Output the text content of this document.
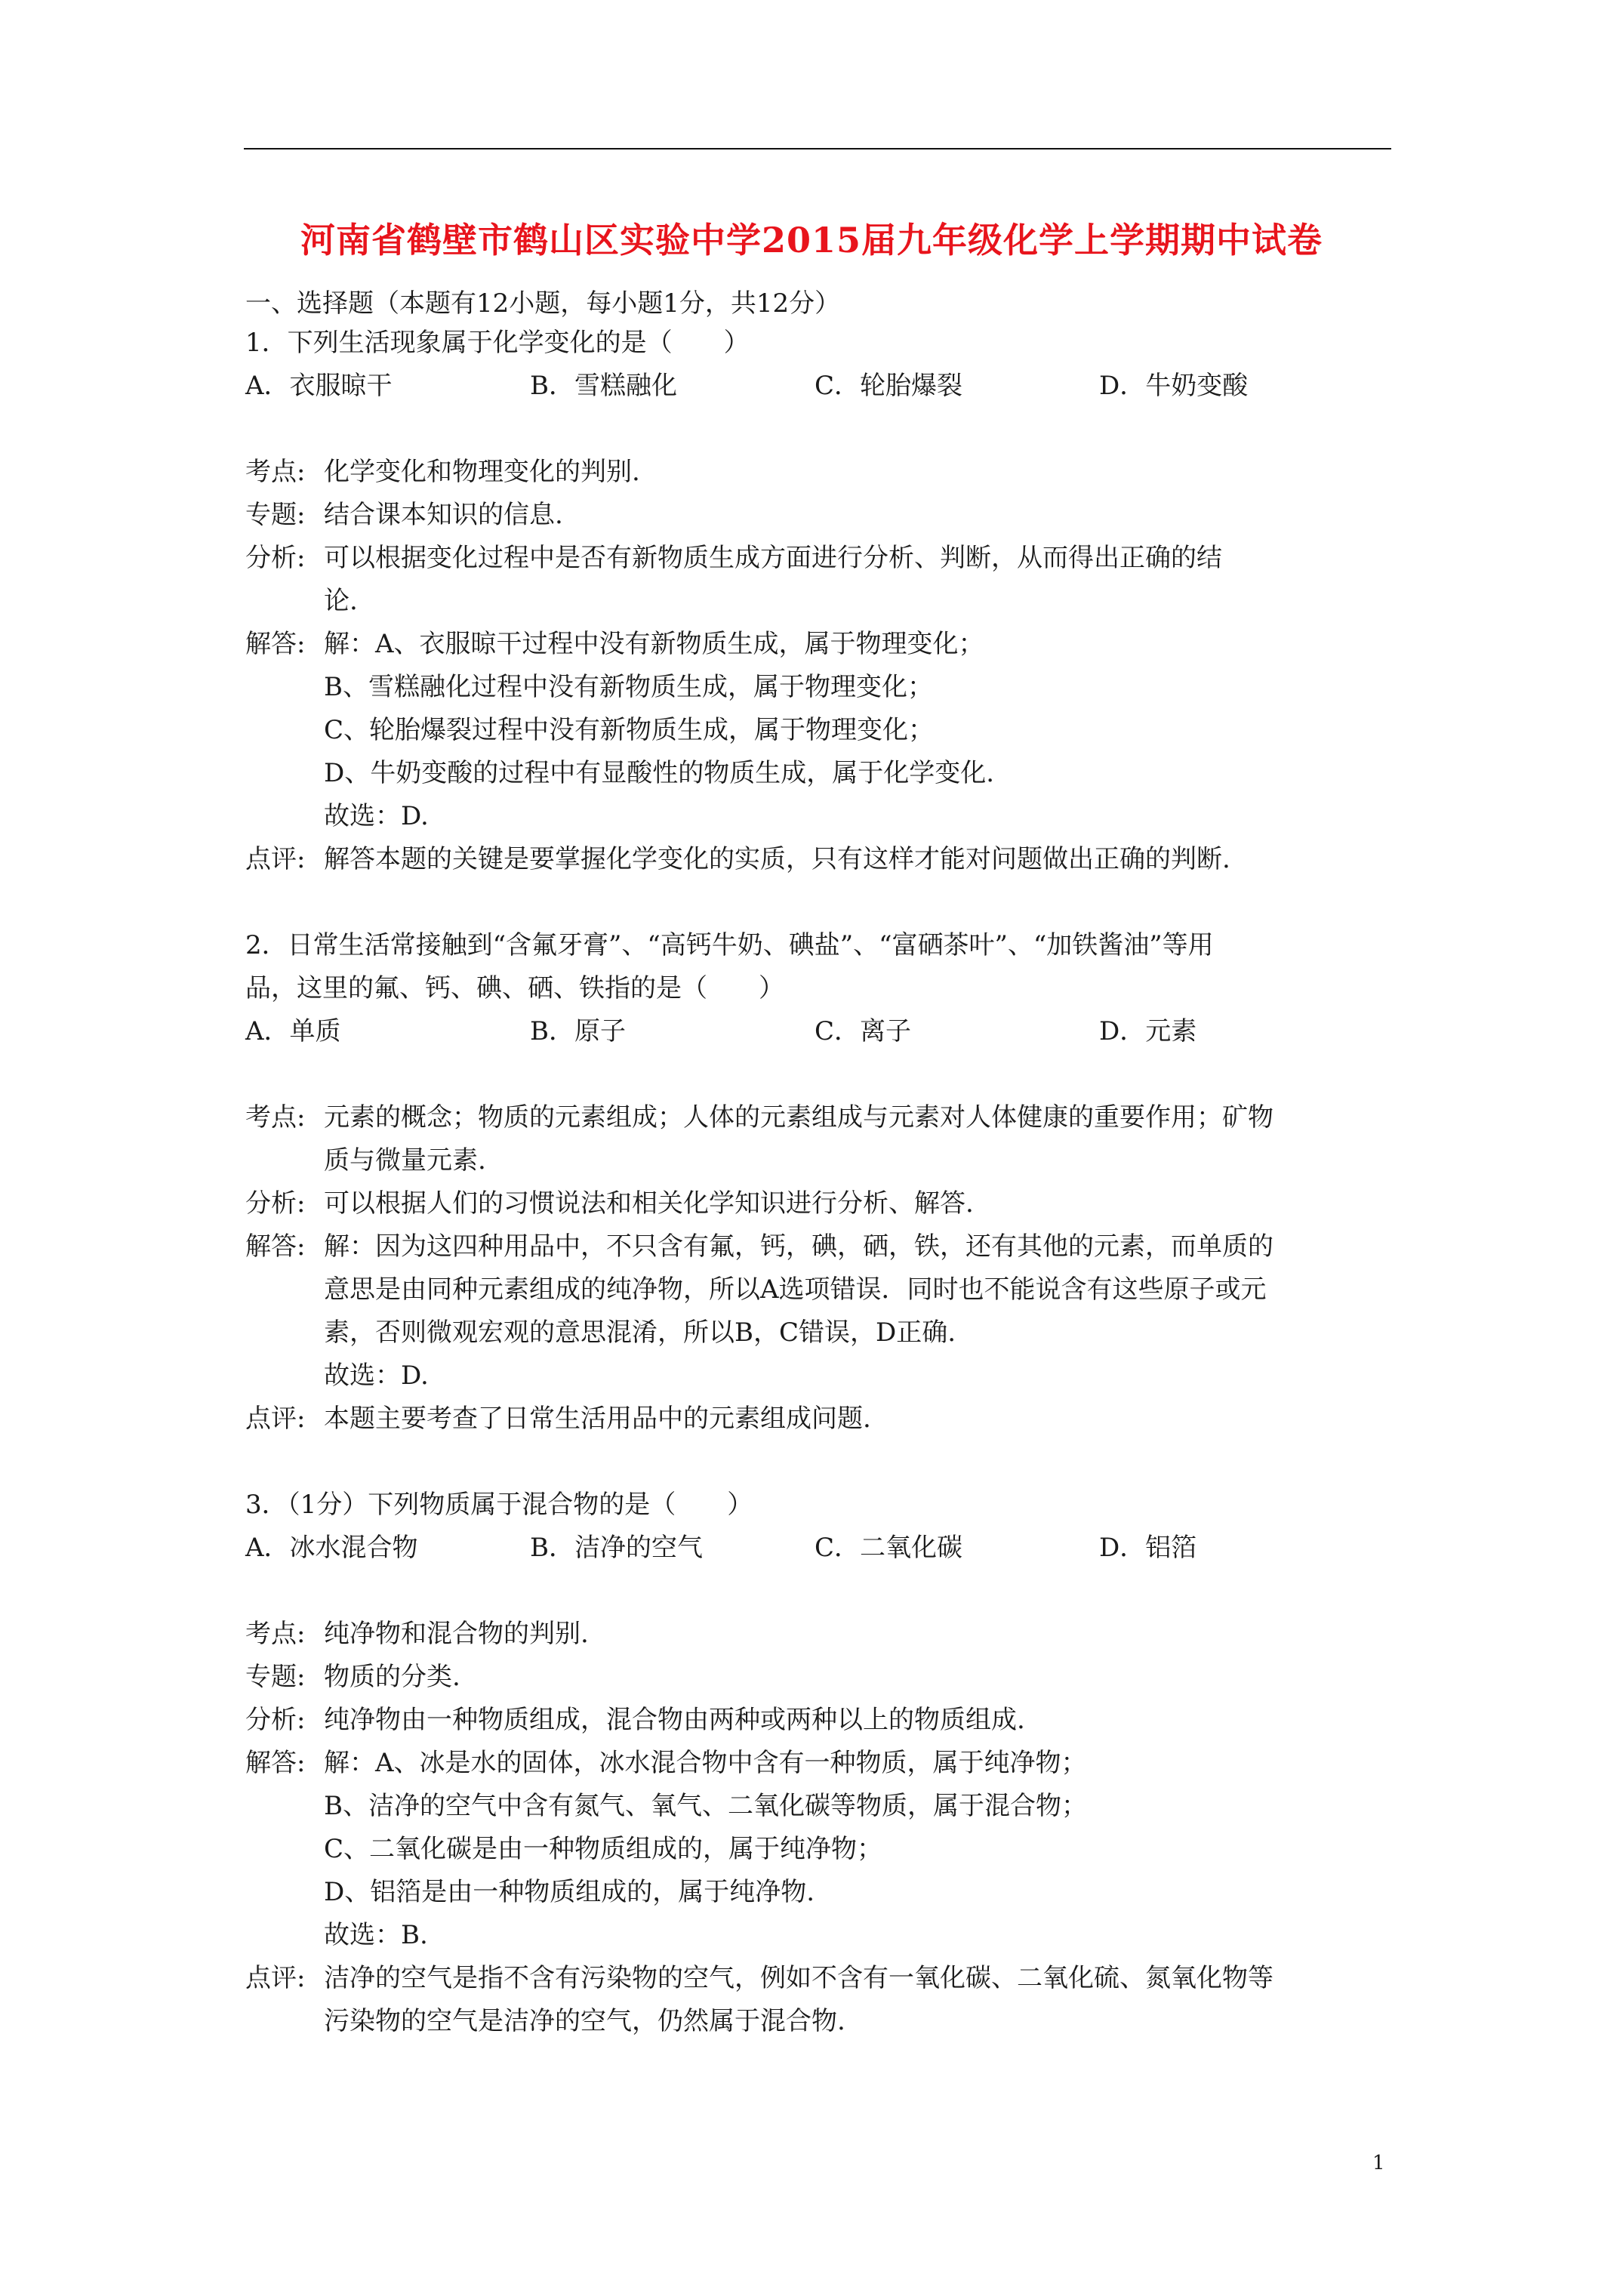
河南省鹤壁市鹤山区实验中学2015届九年级化学上学期期中试卷
一、选择题（本题有12小题，每小题1分，共12分）
1．下列生活现象属于化学变化的是（　　）
A．衣服晾干	B．雪糕融化	C．轮胎爆裂	D．牛奶变酸
考点: 化学变化和物理变化的判别.
专题: 结合课本知识的信息.
分析: 可以根据变化过程中是否有新物质生成方面进行分析、判断，从而得出正确的结
论.
解答: 解：A、衣服晾干过程中没有新物质生成，属于物理变化；
B、雪糕融化过程中没有新物质生成，属于物理变化；
C、轮胎爆裂过程中没有新物质生成，属于物理变化；
D、牛奶变酸的过程中有显酸性的物质生成，属于化学变化.
故选：D.
点评: 解答本题的关键是要掌握化学变化的实质，只有这样才能对问题做出正确的判断.
2．日常生活常接触到“含氟牙膏”、“高钙牛奶、碘盐”、“富硒茶叶”、“加铁酱油”等用
品，这里的氟、钙、碘、硒、铁指的是（　　）
A．单质	B．原子	C．离子	D．元素
考点: 元素的概念；物质的元素组成；人体的元素组成与元素对人体健康的重要作用；矿物
质与微量元素.
分析: 可以根据人们的习惯说法和相关化学知识进行分析、解答.
解答: 解：因为这四种用品中，不只含有氟，钙，碘，硒，铁，还有其他的元素，而单质的
意思是由同种元素组成的纯净物，所以A选项错误．同时也不能说含有这些原子或元
素，否则微观宏观的意思混淆，所以B，C错误，D正确.
故选：D.
点评: 本题主要考查了日常生活用品中的元素组成问题.
3．（1分）下列物质属于混合物的是（　　）
A．冰水混合物	B．洁净的空气	C．二氧化碳	D．铝箔
考点: 纯净物和混合物的判别.
专题: 物质的分类.
分析: 纯净物由一种物质组成，混合物由两种或两种以上的物质组成.
解答: 解：A、冰是水的固体，冰水混合物中含有一种物质，属于纯净物；
B、洁净的空气中含有氮气、氧气、二氧化碳等物质，属于混合物；
C、二氧化碳是由一种物质组成的，属于纯净物；
D、铝箔是由一种物质组成的，属于纯净物.
故选：B.
点评: 洁净的空气是指不含有污染物的空气，例如不含有一氧化碳、二氧化硫、氮氧化物等
污染物的空气是洁净的空气，仍然属于混合物.
1
